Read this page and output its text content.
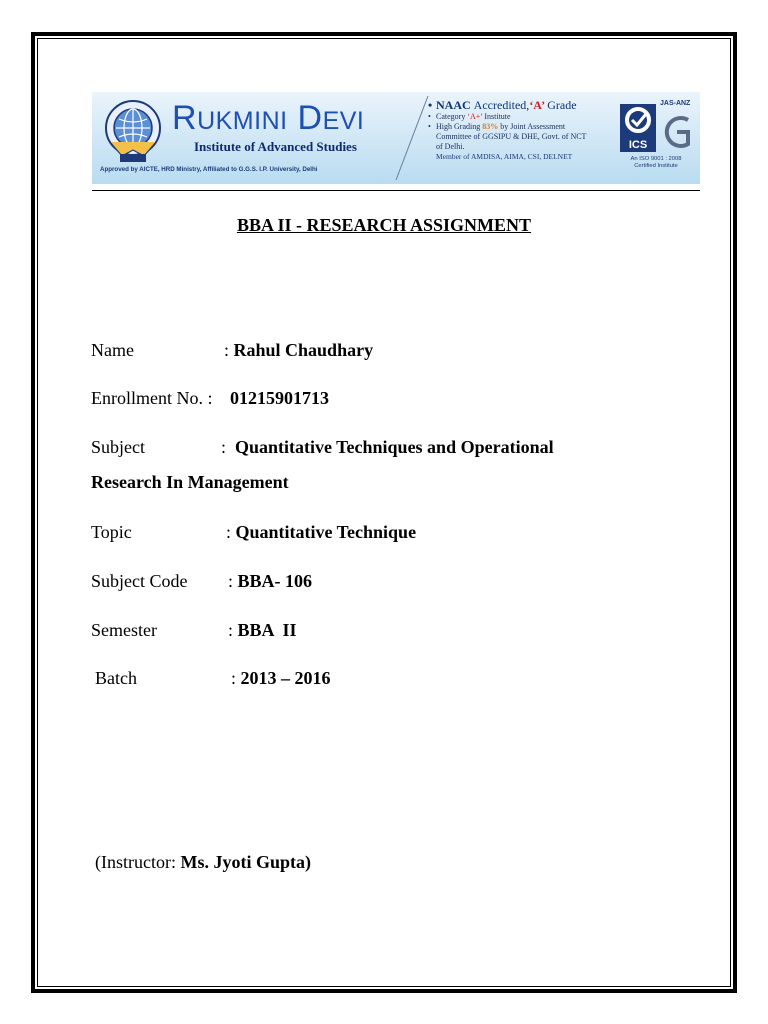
RUKMINI DEVI
Institute of Advanced Studies
Approved by AICTE, HRD Ministry, Affiliated to G.G.S. I.P. University, Delhi
• NAAC Accredited,‘A’ Grade
• Category ‘A+’ Institute
• High Grading 83% by Joint Assessment
Committee of GGSIPU & DHE, Govt. of NCT
of Delhi.
Member of AMDISA, AIMA, CSI, DELNET
ICS
JAS-ANZ
An ISO 9001 : 2008
Certified Institute
BBA II - RESEARCH ASSIGNMENT
Name	: Rahul Chaudhary
Enrollment No. : 01215901713
Subject	: Quantitative Techniques and Operational
Research In Management
Topic	: Quantitative Technique
Subject Code : BBA- 106
Semester	: BBA  II
Batch	: 2013 – 2016
(Instructor: Ms. Jyoti Gupta)
